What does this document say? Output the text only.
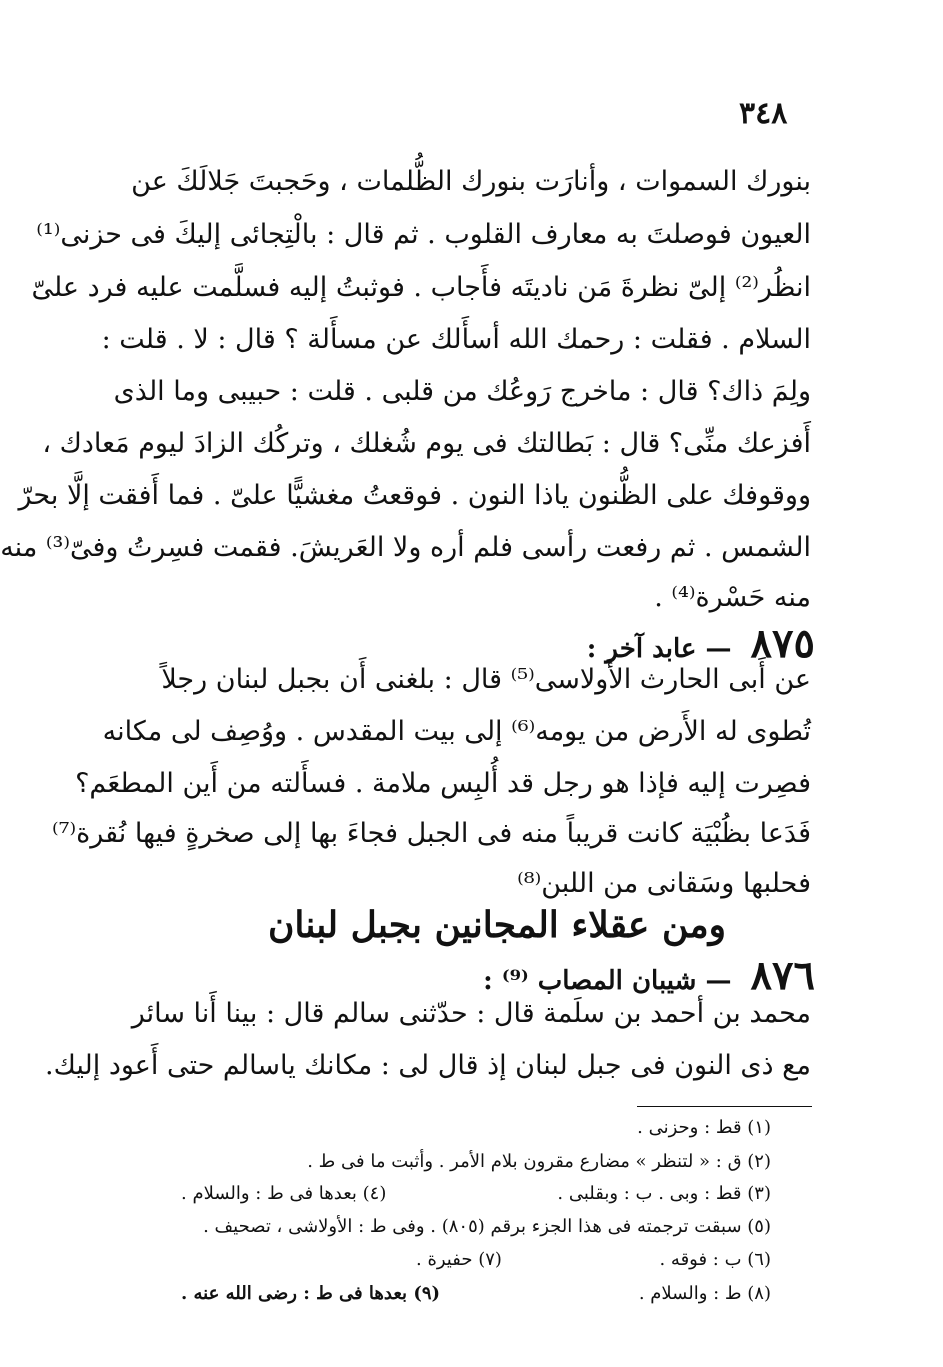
٣٤٨
بنورك السموات ، وأنارَت بنورك الظُّلمات ، وحَجبتَ جَلالَكَ عن
العيون فوصلتَ به معارف القلوب . ثم قال : بالْتِجائى إليكَ فى حزنى⁽¹⁾
انظُر⁽²⁾ إلىّ نظرةَ مَن ناديتَه فأَجاب . فوثبتُ إليه فسلَّمت عليه فرد علىّ
السلام . فقلت : رحمك الله أسأَلك عن مسأَلة ؟ قال : لا . قلت :
ولِمَ ذاك؟ قال : ماخرج رَوعُك من قلبى . قلت : حبيبى وما الذى
أَفزعك منِّى؟ قال : بَطالتك فى يوم شُغلك ، وتركُك الزادَ ليوم مَعادك ،
ووقوفك على الظُّنون ياذا النون . فوقعتُ مغشيًّا علىّ . فما أَفقت إلَّا بحرّ
الشمس . ثم رفعت رأسى فلم أره ولا العَريشَ. فقمت فسِرتُ وفىّ⁽³⁾ منه
منه حَسْرة⁽⁴⁾ .
٨٧٥ — عابد آخر :
عن أَبى الحارث الأَولاسى⁽⁵⁾ قال : بلغنى أَن بجبل لبنان رجلاً
تُطوى له الأَرض من يومه⁽⁶⁾ إلى بيت المقدس . ووُصِف لى مكانه
فصِرت إليه فإذا هو رجل قد أُلبِس ملامة . فسأَلته من أَين المطعَم؟
فَدَعا بظُبْيَة كانت قريباً منه فى الجبل فجاءَ بها إلى صخرةٍ فيها نُقرة⁽⁷⁾
فحلبها وسَقانى من اللبن⁽⁸⁾
ومن عقلاء المجانين بجبل لبنان
٨٧٦ — شيبان المصاب ⁽⁹⁾ :
محمد بن أحمد بن سلَمة قال : حدّثنى سالم قال : بينا أَنا سائر
مع ذى النون فى جبل لبنان إذ قال لى : مكانك ياسالم حتى أَعود إليك.
(١) قط : وحزنى .
(٢) ق : « لتنظر » مضارع مقرون بلام الأمر . وأثبت ما فى ط .
(٣) قط : وبى . ب : وبقلبى .
(٤) بعدها فى ط : والسلام .
(٥) سبقت ترجمته فى هذا الجزء برقم (٨٠٥) . وفى ط : الأولاشى ، تصحيف .
(٦) ب : فوقه .
(٧) حفيرة .
(٨) ط : والسلام .
(٩) بعدها فى ط : رضى الله عنه .
